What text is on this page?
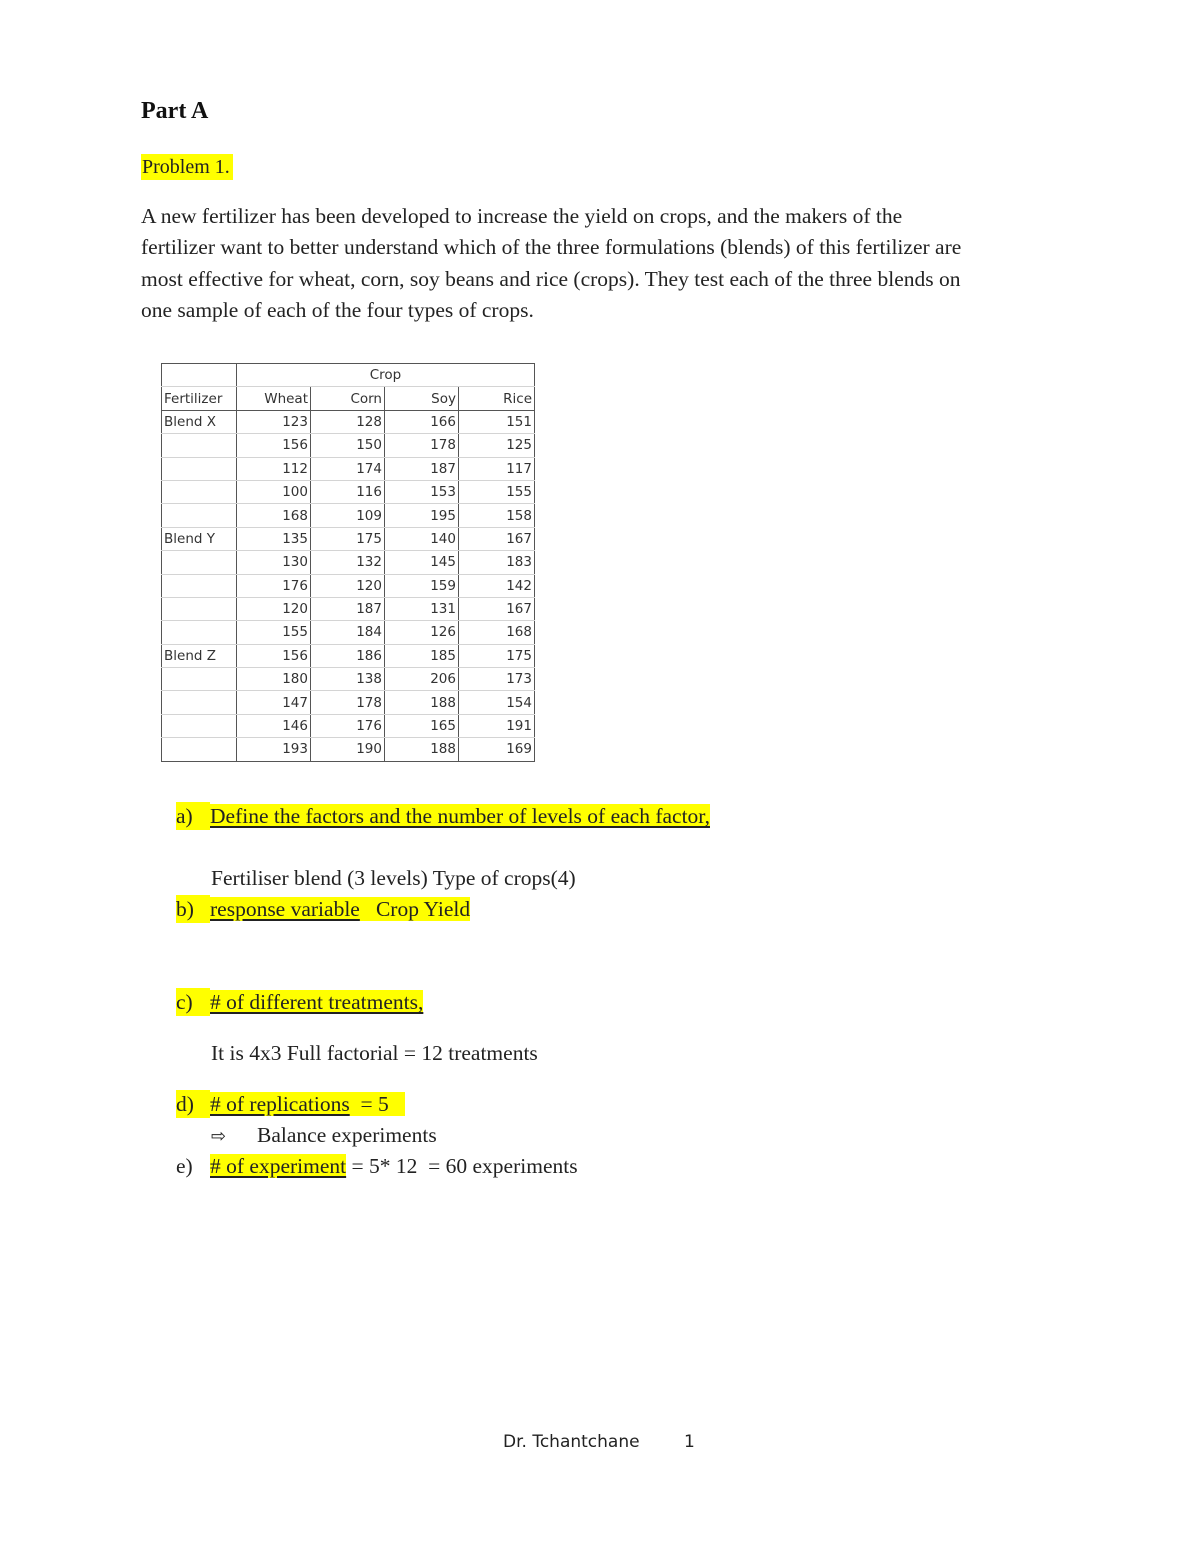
Part A
Problem 1.
A new fertilizer has been developed to increase the yield on crops, and the makers of the
fertilizer want to better understand which of the three formulations (blends) of this fertilizer are
most effective for wheat, corn, soy beans and rice (crops). They test each of the three blends on
one sample of each of the four types of crops.
	Crop			
Fertilizer	Wheat	Corn	Soy	Rice
Blend X	123	128	166	151
	156	150	178	125
	112	174	187	117
	100	116	153	155
	168	109	195	158
Blend Y	135	175	140	167
	130	132	145	183
	176	120	159	142
	120	187	131	167
	155	184	126	168
Blend Z	156	186	185	175
	180	138	206	173
	147	178	188	154
	146	176	165	191
	193	190	188	169
a) Define the factors and the number of levels of each factor,
Fertiliser blend (3 levels) Type of crops(4)
b) response variable   Crop Yield
c) # of different treatments,
It is 4x3 Full factorial = 12 treatments
d) # of replications  = 5
⇨ Balance experiments
e) # of experiment = 5* 12  = 60 experiments
Dr. Tchantchane	1
